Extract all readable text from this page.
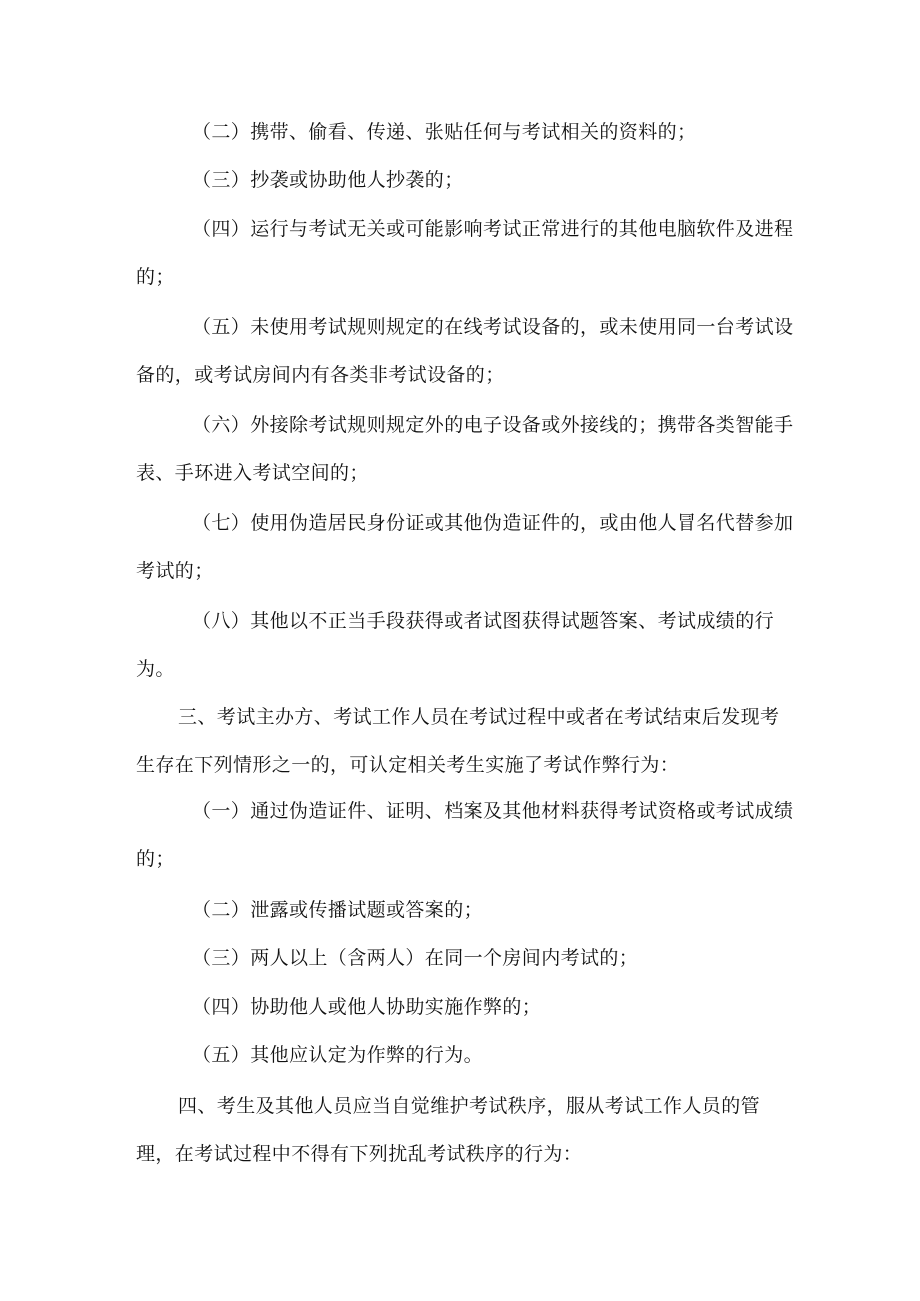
（二）携带、偷看、传递、张贴任何与考试相关的资料的；

（三）抄袭或协助他人抄袭的；

（四）运行与考试无关或可能影响考试正常进行的其他电脑软件及进程的；

（五）未使用考试规则规定的在线考试设备的，或未使用同一台考试设备的，或考试房间内有各类非考试设备的；

（六）外接除考试规则规定外的电子设备或外接线的；携带各类智能手表、手环进入考试空间的；

（七）使用伪造居民身份证或其他伪造证件的，或由他人冒名代替参加考试的；

（八）其他以不正当手段获得或者试图获得试题答案、考试成绩的行为。

三、考试主办方、考试工作人员在考试过程中或者在考试结束后发现考生存在下列情形之一的，可认定相关考生实施了考试作弊行为：

（一）通过伪造证件、证明、档案及其他材料获得考试资格或考试成绩的；

（二）泄露或传播试题或答案的；

（三）两人以上（含两人）在同一个房间内考试的；

（四）协助他人或他人协助实施作弊的；

（五）其他应认定为作弊的行为。

四、考生及其他人员应当自觉维护考试秩序，服从考试工作人员的管理，在考试过程中不得有下列扰乱考试秩序的行为：
